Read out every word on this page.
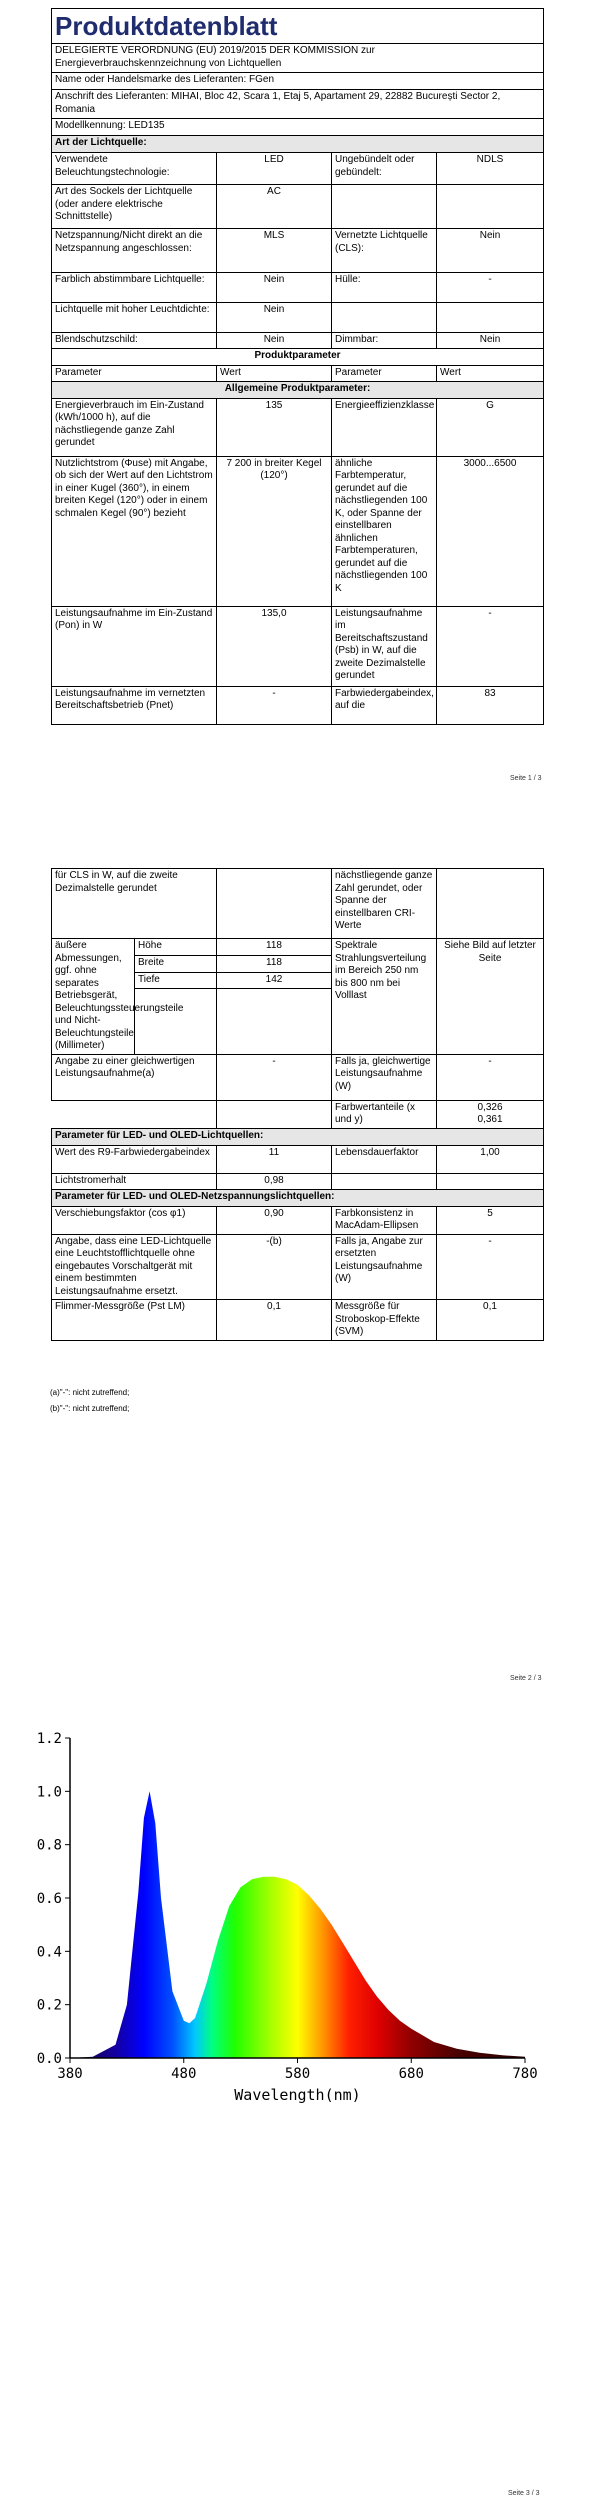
Produktdatenblatt			
DELEGIERTE VERORDNUNG (EU) 2019/2015 DER KOMMISSION zur
Energieverbrauchskennzeichnung von Lichtquellen			
Name oder Handelsmarke des Lieferanten: FGen			
Anschrift des Lieferanten: MIHAI, Bloc 42, Scara 1, Etaj 5, Apartament 29, 22882 București Sector 2, Romania			
Modellkennung: LED135			
Art der Lichtquelle:			
Verwendete Beleuchtungstechnologie:	LED	Ungebündelt oder gebündelt:	NDLS
Art des Sockels der Lichtquelle (oder andere elektrische Schnittstelle)	AC		
Netzspannung/Nicht direkt an die Netzspannung angeschlossen:	MLS	Vernetzte Lichtquelle (CLS):	Nein
Farblich abstimmbare Lichtquelle:	Nein	Hülle:	-
Lichtquelle mit hoher Leuchtdichte:	Nein		
Blendschutzschild:	Nein	Dimmbar:	Nein
Produktparameter			
Parameter	Wert	Parameter	Wert
Allgemeine Produktparameter:			
Energieverbrauch im Ein-Zustand (kWh/1000 h), auf die nächstliegende ganze Zahl gerundet	135	Energieeffizienzklasse	G
Nutzlichtstrom (Φuse) mit Angabe, ob sich der Wert auf den Lichtstrom in einer Kugel (360°), in einem breiten Kegel (120°) oder in einem schmalen Kegel (90°) bezieht	7 200 in breiter Kegel (120°)	ähnliche Farbtemperatur, gerundet auf die nächstliegenden 100 K, oder Spanne der einstellbaren ähnlichen Farbtemperaturen, gerundet auf die nächstliegenden 100 K	3000...6500
Leistungsaufnahme im Ein-Zustand (Pon) in W	135,0	Leistungsaufnahme im Bereitschaftszustand (Psb) in W, auf die zweite Dezimalstelle gerundet	-
Leistungsaufnahme im vernetzten Bereitschaftsbetrieb (Pnet)	-	Farbwiedergabeindex, auf die	83
Seite 1 / 3
für CLS in W, auf die zweite Dezimalstelle gerundet			nächstliegende ganze Zahl gerundet, oder Spanne der einstellbaren CRI-Werte	
äußere Abmessungen, ggf. ohne separates Betriebsgerät, Beleuchtungssteuerungsteile und Nicht-Beleuchtungsteile (Millimeter)	Höhe	118	Spektrale Strahlungsverteilung im Bereich 250 nm bis 800 nm bei Volllast	Siehe Bild auf letzter Seite
	Breite	118		
	Tiefe	142		

Angabe zu einer gleichwertigen Leistungsaufnahme(a)		-	Falls ja, gleichwertige Leistungsaufnahme (W)	-
			Farbwertanteile (x und y)	0,326
0,361

Parameter für LED- und OLED-Lichtquellen:				
Wert des R9-Farbwiedergabeindex		11	Lebensdauerfaktor	1,00
Lichtstromerhalt		0,98		
Parameter für LED- und OLED-Netzspannungslichtquellen:				
Verschiebungsfaktor (cos φ1)		0,90	Farbkonsistenz in MacAdam-Ellipsen	5
Angabe, dass eine LED-Lichtquelle eine Leuchtstofflichtquelle ohne eingebautes Vorschaltgerät mit einem bestimmten Leistungsaufnahme ersetzt.		-(b)	Falls ja, Angabe zur ersetzten Leistungsaufnahme (W)	-
Flimmer-Messgröße (Pst LM)		0,1	Messgröße für Stroboskop-Effekte (SVM)	0,1
(a)"-": nicht zutreffend;
(b)"-": nicht zutreffend;
Seite 2 / 3
0.0
0.2
0.4
0.6
0.8
1.0
1.2
380	480	580	680	780
Wavelength(nm)
Seite 3 / 3
